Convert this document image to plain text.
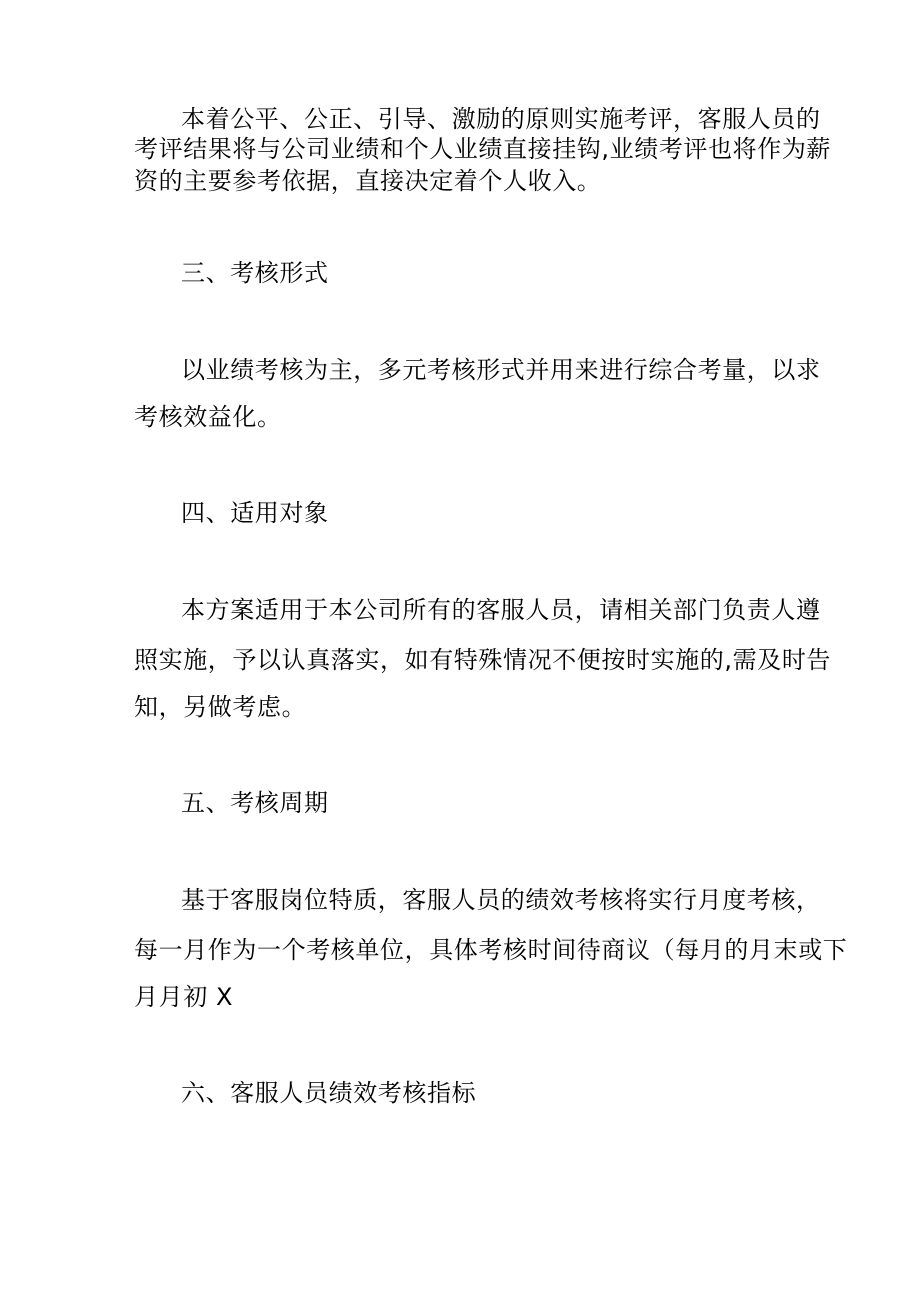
本着公平、公正、引导、激励的原则实施考评，客服人员的

考评结果将与公司业绩和个人业绩直接挂钩,业绩考评也将作为薪

资的主要参考依据，直接决定着个人收入。

三、考核形式

以业绩考核为主，多元考核形式并用来进行综合考量，以求

考核效益化。

四、适用对象

本方案适用于本公司所有的客服人员，请相关部门负责人遵

照实施，予以认真落实，如有特殊情况不便按时实施的,需及时告

知，另做考虑。

五、考核周期

基于客服岗位特质，客服人员的绩效考核将实行月度考核，

每一月作为一个考核单位，具体考核时间待商议（每月的月末或下

月月初 X

六、客服人员绩效考核指标
